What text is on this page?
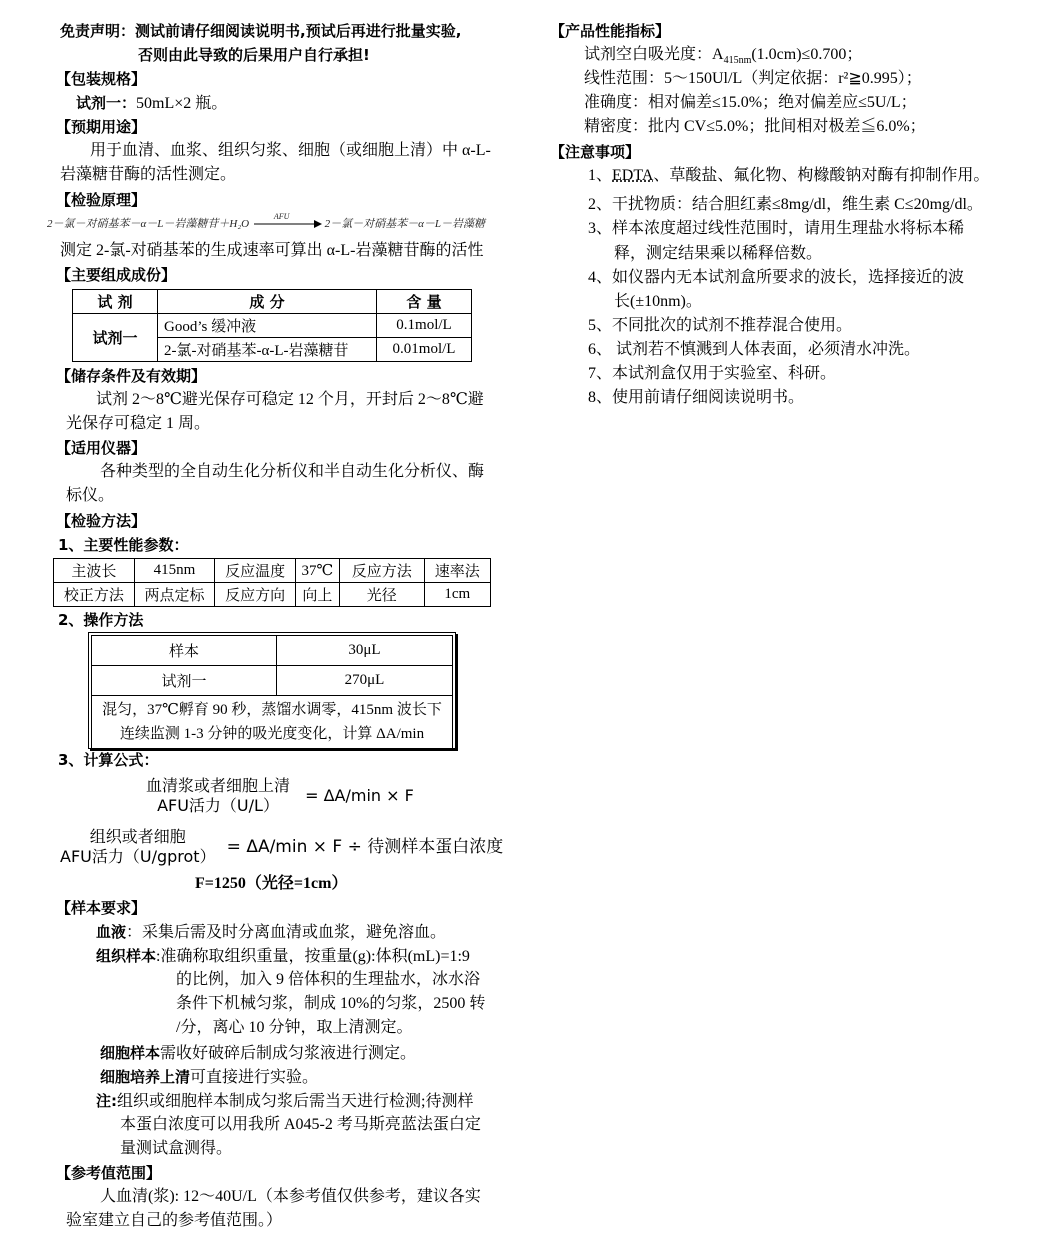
免责声明：测试前请仔细阅读说明书,预试后再进行批量实验,
否则由此导致的后果用户自行承担!
【包装规格】
试剂一：50mL×2 瓶。
【预期用途】
用于血清、血浆、组织匀浆、细胞（或细胞上清）中 α-L-
岩藻糖苷酶的活性测定。
【检验原理】
2－氯－对硝基苯－α－L－岩藻糖苷＋H₂O
AFU
2－氯－对硝基苯－α－L－岩藻糖
测定 2-氯-对硝基苯的生成速率可算出 α-L-岩藻糖苷酶的活性
【主要组成成份】
试 剂	成 分	含 量
试剂一	Good’s 缓冲液	0.1mol/L
	2-氯-对硝基苯-α-L-岩藻糖苷	0.01mol/L
【储存条件及有效期】
试剂 2～8℃避光保存可稳定 12 个月，开封后 2～8℃避
光保存可稳定 1 周。
【适用仪器】
各种类型的全自动生化分析仪和半自动生化分析仪、酶
标仪。
【检验方法】
1、主要性能参数：
主波长	415nm	反应温度	37℃	反应方法	速率法
校正方法	两点定标	反应方向	向上	光径	1cm
2、操作方法
样本	30μL
试剂一	270μL
混匀，37℃孵育 90 秒，蒸馏水调零，415nm 波长下
连续监测 1-3 分钟的吸光度变化，计算 ΔA/min	
3、计算公式：
血清浆或者细胞上清
AFU活力（U/L）
= ΔA/min × F
组织或者细胞
AFU活力（U/gprot） = ΔA/min × F ÷ 待测样本蛋白浓度
F=1250（光径=1cm）
【样本要求】
血液：采集后需及时分离血清或血浆，避免溶血。
组织样本:准确称取组织重量，按重量(g):体积(mL)=1:9
的比例，加入 9 倍体积的生理盐水，冰水浴
条件下机械匀浆，制成 10%的匀浆，2500 转
/分，离心 10 分钟，取上清测定。
细胞样本需收好破碎后制成匀浆液进行测定。
细胞培养上清可直接进行实验。
注:组织或细胞样本制成匀浆后需当天进行检测;待测样
本蛋白浓度可以用我所 A045-2 考马斯亮蓝法蛋白定
量测试盒测得。
【参考值范围】
人血清(浆): 12～40U/L（本参考值仅供参考，建议各实
验室建立自己的参考值范围。）
【产品性能指标】
试剂空白吸光度：$A_{415nm}(1.0cm)\le 0.700$；
线性范围：5～150Ul/L（判定依据：r²≧0.995）；
准确度：相对偏差≤15.0%；绝对偏差应≤5U/L；
精密度：批内 CV≤5.0%；批间相对极差≦6.0%；
【注意事项】
1、EDTA、草酸盐、氟化物、枸橼酸钠对酶有抑制作用。
2、干扰物质：结合胆红素≤8mg/dl，维生素 C≤20mg/dl。
3、样本浓度超过线性范围时，请用生理盐水将标本稀
释，测定结果乘以稀释倍数。
4、如仪器内无本试剂盒所要求的波长，选择接近的波
长(±10nm)。
5、不同批次的试剂不推荐混合使用。
6、 试剂若不慎溅到人体表面，必须清水冲洗。
7、本试剂盒仅用于实验室、科研。
8、使用前请仔细阅读说明书。
